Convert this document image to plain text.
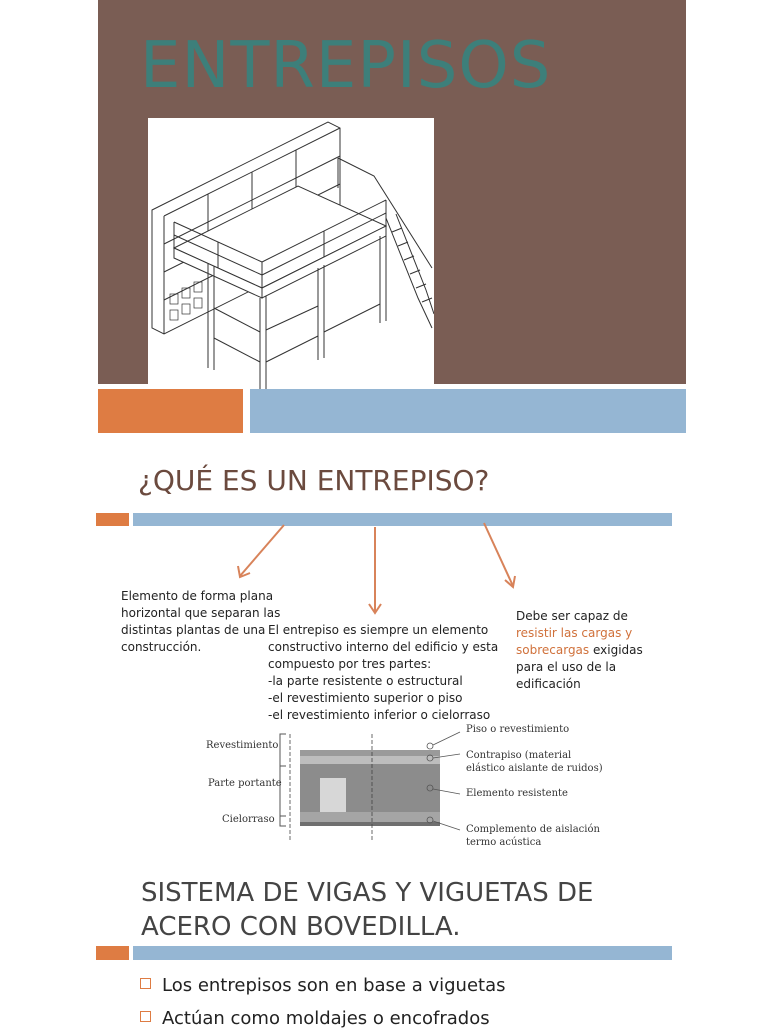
ENTREPISOS
¿QUÉ ES UN ENTREPISO?
Elemento de forma plana horizontal que separan las distintas plantas de una construcción.
El entrepiso es siempre un elemento
constructivo interno del edificio y esta
compuesto por tres partes:
-la parte resistente o estructural
-el revestimiento superior o piso
-el revestimiento inferior o cielorraso
Debe ser capaz de resistir las cargas y sobrecargas exigidas para el uso de la edificación
Revestimiento
Parte portante
Cielorraso
Piso o revestimiento
Contrapiso (material
elástico aislante de ruidos)
Elemento resistente
Complemento de aislación
termo acústica
SISTEMA DE VIGAS Y VIGUETAS DE
ACERO CON BOVEDILLA.
Los entrepisos son en base a viguetas
Actúan como moldajes o encofrados
